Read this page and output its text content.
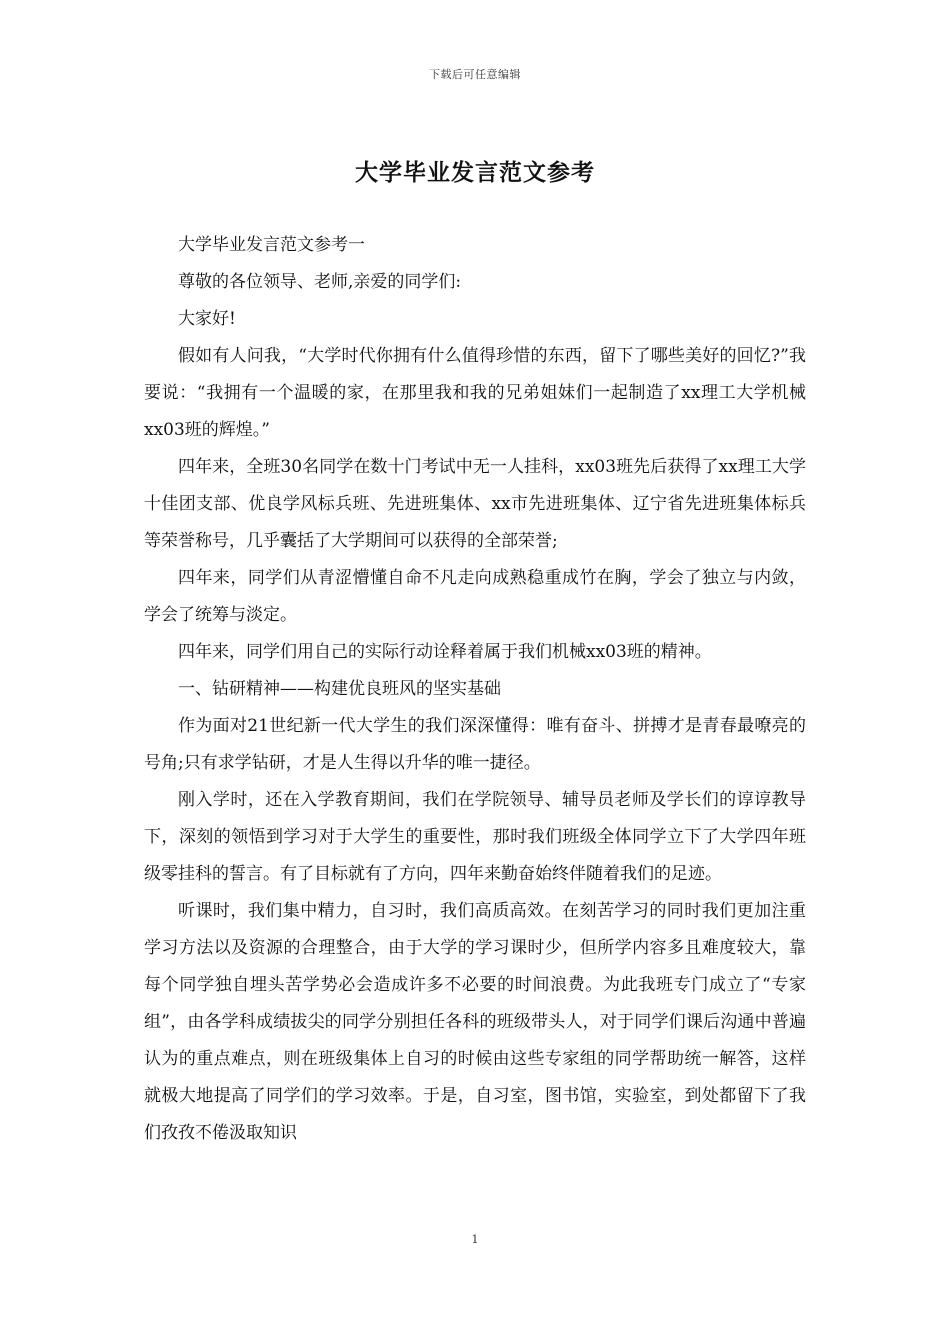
下载后可任意编辑
大学毕业发言范文参考

大学毕业发言范文参考一

尊敬的各位领导、老师,亲爱的同学们:

大家好!

假如有人问我，“大学时代你拥有什么值得珍惜的东西，留下了哪些美好的回忆?”我要说：“我拥有一个温暖的家，在那里我和我的兄弟姐妹们一起制造了xx理工大学机械xx03班的辉煌。”

四年来，全班30名同学在数十门考试中无一人挂科，xx03班先后获得了xx理工大学十佳团支部、优良学风标兵班、先进班集体、xx市先进班集体、辽宁省先进班集体标兵等荣誉称号，几乎囊括了大学期间可以获得的全部荣誉;

四年来，同学们从青涩懵懂自命不凡走向成熟稳重成竹在胸，学会了独立与内敛，学会了统筹与淡定。

四年来，同学们用自己的实际行动诠释着属于我们机械xx03班的精神。

一、钻研精神——构建优良班风的坚实基础

作为面对21世纪新一代大学生的我们深深懂得：唯有奋斗、拼搏才是青春最嘹亮的号角;只有求学钻研，才是人生得以升华的唯一捷径。

刚入学时，还在入学教育期间，我们在学院领导、辅导员老师及学长们的谆谆教导下，深刻的领悟到学习对于大学生的重要性，那时我们班级全体同学立下了大学四年班级零挂科的誓言。有了目标就有了方向，四年来勤奋始终伴随着我们的足迹。

听课时，我们集中精力，自习时，我们高质高效。在刻苦学习的同时我们更加注重学习方法以及资源的合理整合，由于大学的学习课时少，但所学内容多且难度较大，靠每个同学独自埋头苦学势必会造成许多不必要的时间浪费。为此我班专门成立了“专家组”，由各学科成绩拔尖的同学分别担任各科的班级带头人，对于同学们课后沟通中普遍认为的重点难点，则在班级集体上自习的时候由这些专家组的同学帮助统一解答，这样就极大地提高了同学们的学习效率。于是，自习室，图书馆，实验室，到处都留下了我们孜孜不倦汲取知识

1
